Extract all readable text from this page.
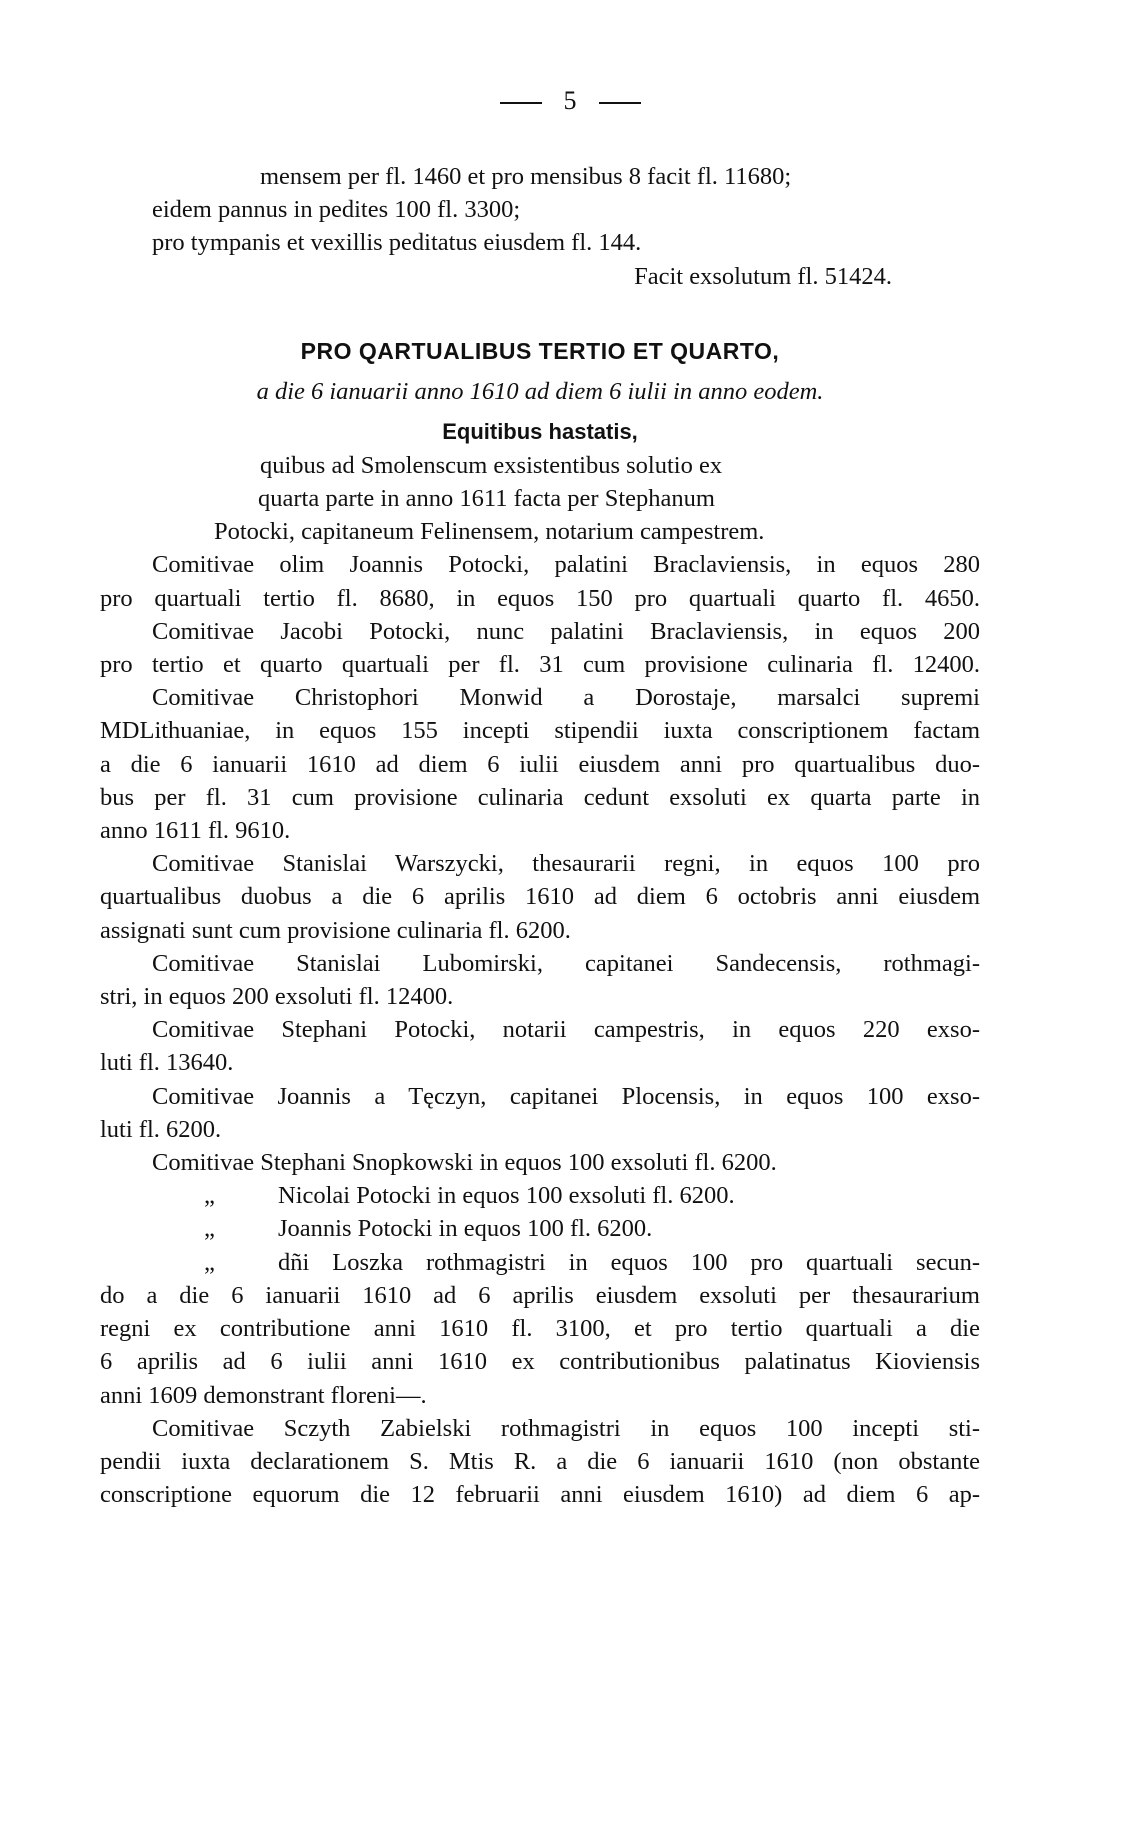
5
mensem per fl. 1460 et pro mensibus 8 facit fl. 11680;
eidem pannus in pedites 100 fl. 3300;
pro tympanis et vexillis peditatus eiusdem fl. 144.
Facit exsolutum fl. 51424.
PRO QARTUALIBUS TERTIO ET QUARTO,
a die 6 ianuarii anno 1610 ad diem 6 iulii in anno eodem.
Equitibus hastatis,
quibus ad Smolenscum exsistentibus solutio ex
quarta parte in anno 1611 facta per Stephanum
Potocki, capitaneum Felinensem, notarium campestrem.
Comitivae olim Joannis Potocki, palatini Braclaviensis, in equos 280
pro quartuali tertio fl. 8680, in equos 150 pro quartuali quarto fl. 4650.
Comitivae Jacobi Potocki, nunc palatini Braclaviensis, in equos 200
pro tertio et quarto quartuali per fl. 31 cum provisione culinaria fl. 12400.
Comitivae Christophori Monwid a Dorostaje, marsalci supremi
MDLithuaniae, in equos 155 incepti stipendii iuxta conscriptionem factam
a die 6 ianuarii 1610 ad diem 6 iulii eiusdem anni pro quartualibus duo-
bus per fl. 31 cum provisione culinaria cedunt exsoluti ex quarta parte in
anno 1611 fl. 9610.
Comitivae Stanislai Warszycki, thesaurarii regni, in equos 100 pro
quartualibus duobus a die 6 aprilis 1610 ad diem 6 octobris anni eiusdem
assignati sunt cum provisione culinaria fl. 6200.
Comitivae Stanislai Lubomirski, capitanei Sandecensis, rothmagi-
stri, in equos 200 exsoluti fl. 12400.
Comitivae Stephani Potocki, notarii campestris, in equos 220 exso-
luti fl. 13640.
Comitivae Joannis a Tęczyn, capitanei Plocensis, in equos 100 exso-
luti fl. 6200.
Comitivae Stephani Snopkowski in equos 100 exsoluti fl. 6200.
„	Nicolai Potocki in equos 100 exsoluti fl. 6200.
„	Joannis Potocki in equos 100 fl. 6200.
„	dñi Loszka rothmagistri in equos 100 pro quartuali secun-
do a die 6 ianuarii 1610 ad 6 aprilis eiusdem exsoluti per thesaurarium
regni ex contributione anni 1610 fl. 3100, et pro tertio quartuali a die
6 aprilis ad 6 iulii anni 1610 ex contributionibus palatinatus Kioviensis
anni 1609 demonstrant floreni—.
Comitivae Sczyth Zabielski rothmagistri in equos 100 incepti sti-
pendii iuxta declarationem S. Mtis R. a die 6 ianuarii 1610 (non obstante
conscriptione equorum die 12 februarii anni eiusdem 1610) ad diem 6 ap-
